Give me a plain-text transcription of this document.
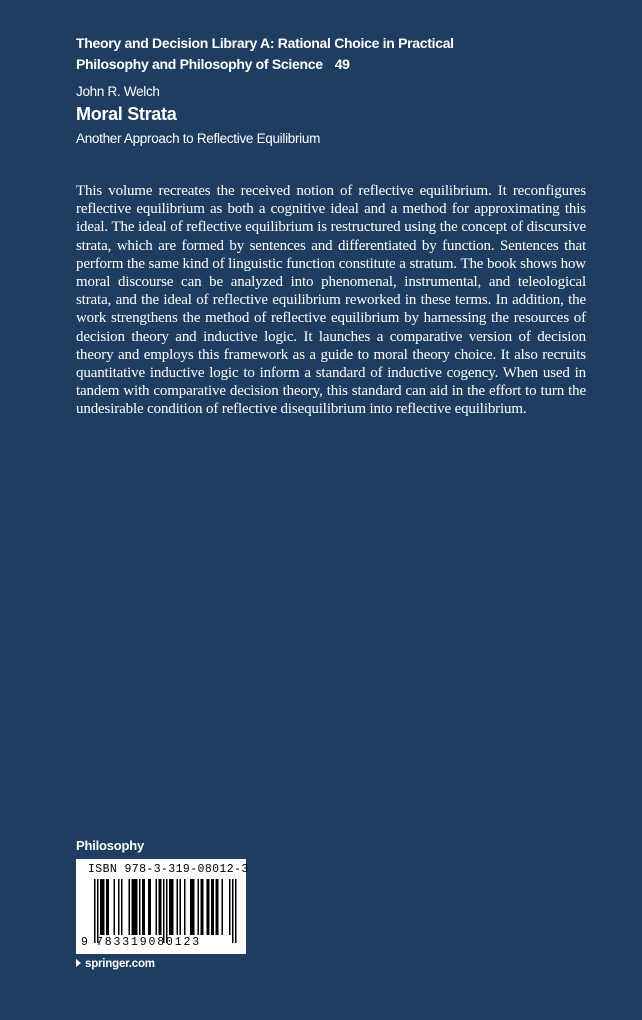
Theory and Decision Library A: Rational Choice in Practical
Philosophy and Philosophy of Science 49
John R. Welch
Moral Strata
Another Approach to Reflective Equilibrium
This volume recreates the received notion of reflective equilibrium. It reconfigures reflective equilibrium as both a cognitive ideal and a method for approximating this ideal. The ideal of reflective equilibrium is restructured using the concept of discursive strata, which are formed by sentences and differentiated by function. Sentences that perform the same kind of linguistic function constitute a stratum. The book shows how moral discourse can be analyzed into phenomenal, instrumental, and teleological strata, and the ideal of reflective equilibrium reworked in these terms. In addition, the work strengthens the method of reflective equilibrium by harnessing the resources of decision theory and inductive logic. It launches a comparative version of decision theory and employs this framework as a guide to moral theory choice. It also recruits quantitative inductive logic to inform a standard of inductive cogency. When used in tandem with comparative decision theory, this standard can aid in the effort to turn the undesirable condition of reflective disequilibrium into reflective equilibrium.
Philosophy
ISBN 978-3-319-08012-3
9 783319080123
springer.com
